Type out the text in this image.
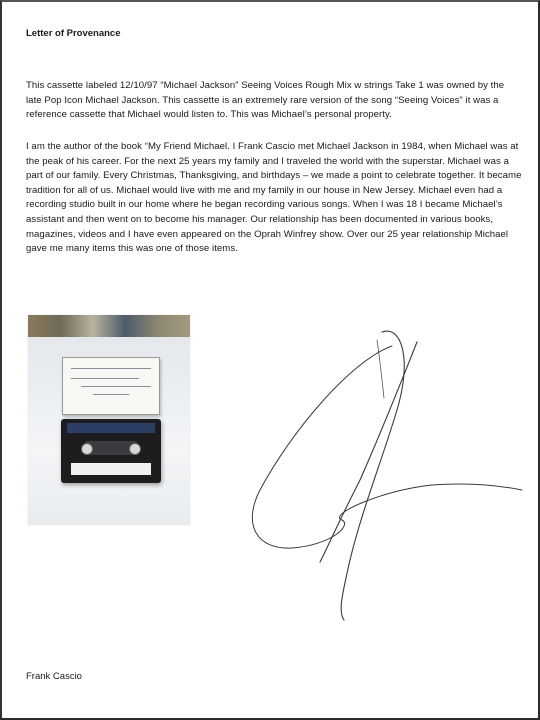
Letter of Provenance

This cassette labeled 12/10/97 “Michael Jackson” Seeing Voices Rough Mix w strings Take 1 was owned by the late Pop Icon Michael Jackson. This cassette is an extremely rare version of the song “Seeing Voices” it was a reference cassette that Michael would listen to. This was Michael’s personal property.

I am the author of the book “My Friend Michael. I Frank Cascio met Michael Jackson in 1984, when Michael was at the peak of his career. For the next 25 years my family and I traveled the world with the superstar. Michael was a part of our family. Every Christmas, Thanksgiving, and birthdays – we made a point to celebrate together. It became tradition for all of us. Michael would live with me and my family in our house in New Jersey. Michael even had a recording studio built in our home where he began recording various songs. When I was 18 I became Michael’s assistant and then went on to become his manager. Our relationship has been documented in various books, magazines, videos and I have even appeared on the Oprah Winfrey show. Over our 25 year relationship Michael gave me many items this was one of those items.

Frank Cascio
